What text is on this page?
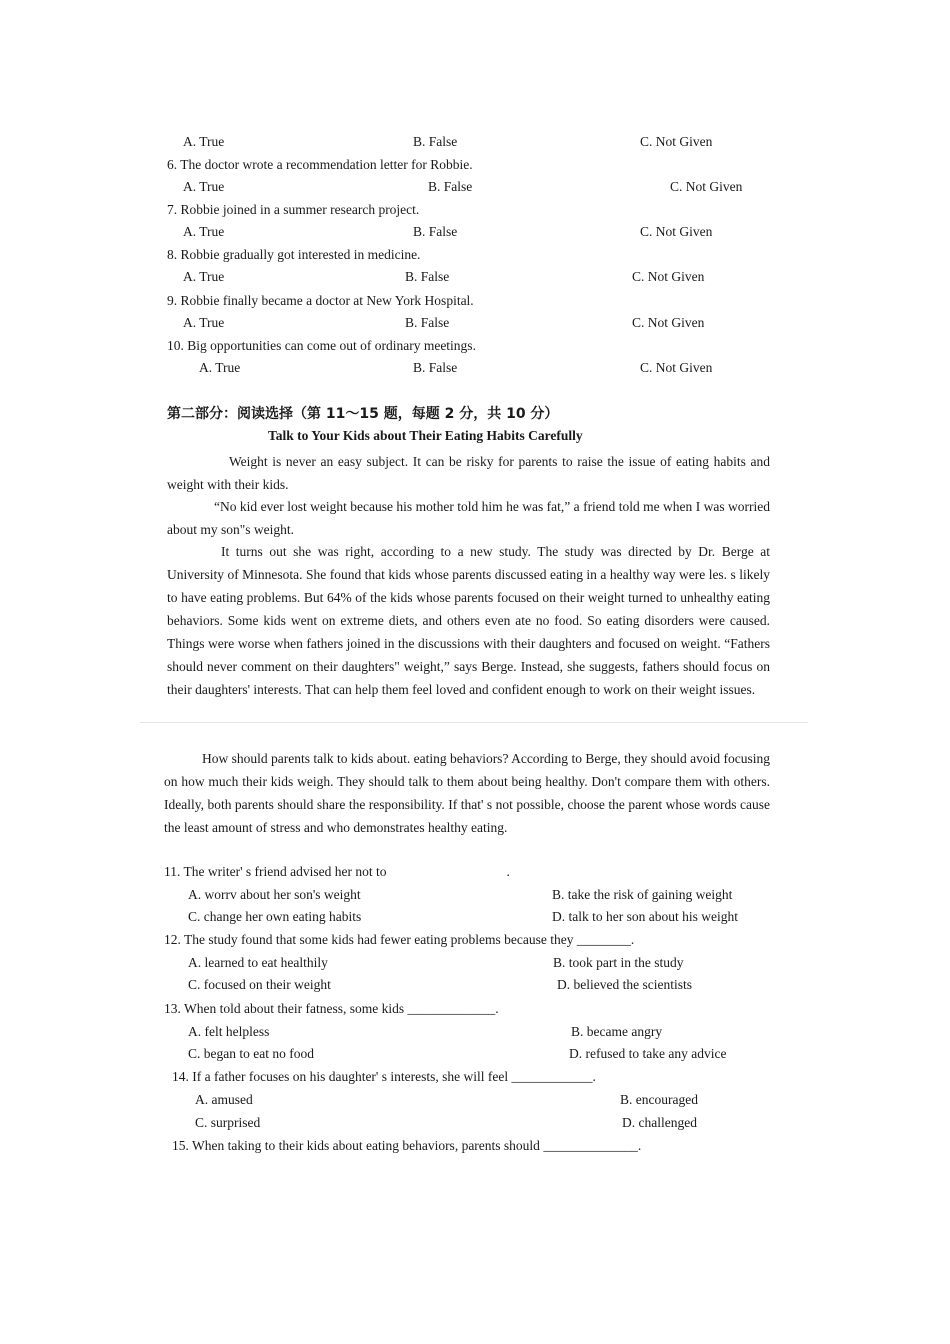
A. True	B. False	C. Not Given
6. The doctor wrote a recommendation letter for Robbie.
A. True	B. False	C. Not Given
7. Robbie joined in a summer research project.
A. True	B. False	C. Not Given
8. Robbie gradually got interested in medicine.
A. True	B. False	C. Not Given
9. Robbie finally became a doctor at New York Hospital.
A. True	B. False	C. Not Given
10. Big opportunities can come out of ordinary meetings.
A. True	B. False	C. Not Given
第二部分：阅读选择（第 11～15 题，每题 2 分，共 10 分）
Talk to Your Kids about Their Eating Habits Carefully
Weight is never an easy subject. It can be risky for parents to raise the issue of eating habits and weight with their kids.
“No kid ever lost weight because his mother told him he was fat,” a friend told me when I was worried about my son"s weight.
It turns out she was right, according to a new study. The study was directed by Dr. Berge at University of Minnesota. She found that kids whose parents discussed eating in a healthy way were les. s likely to have eating problems. But 64% of the kids whose parents focused on their weight turned to unhealthy eating behaviors. Some kids went on extreme diets, and others even ate no food. So eating disorders were caused. Things were worse when fathers joined in the discussions with their daughters and focused on weight. “Fathers should never comment on their daughters" weight,” says Berge. Instead, she suggests, fathers should focus on their daughters' interests. That can help them feel loved and confident enough to work on their weight issues.
How should parents talk to kids about. eating behaviors? According to Berge, they should avoid focusing on how much their kids weigh. They should talk to them about being healthy. Don't compare them with others. Ideally, both parents should share the responsibility. If that' s not possible, choose the parent whose words cause the least amount of stress and who demonstrates healthy eating.
11. The writer' s friend advised her not to	.
A. worrv about her son's weight	B. take the risk of gaining weight
C. change her own eating habits	D. talk to her son about his weight
12. The study found that some kids had fewer eating problems because they ________.
A. learned to eat healthily	B. took part in the study
C. focused on their weight	D. believed the scientists
13. When told about their fatness, some kids _____________.
A. felt helpless	B. became angry
C. began to eat no food	D. refused to take any advice
14. If a father focuses on his daughter' s interests, she will feel ____________.
A. amused	B. encouraged
C. surprised	D. challenged
15. When taking to their kids about eating behaviors, parents should ______________.
